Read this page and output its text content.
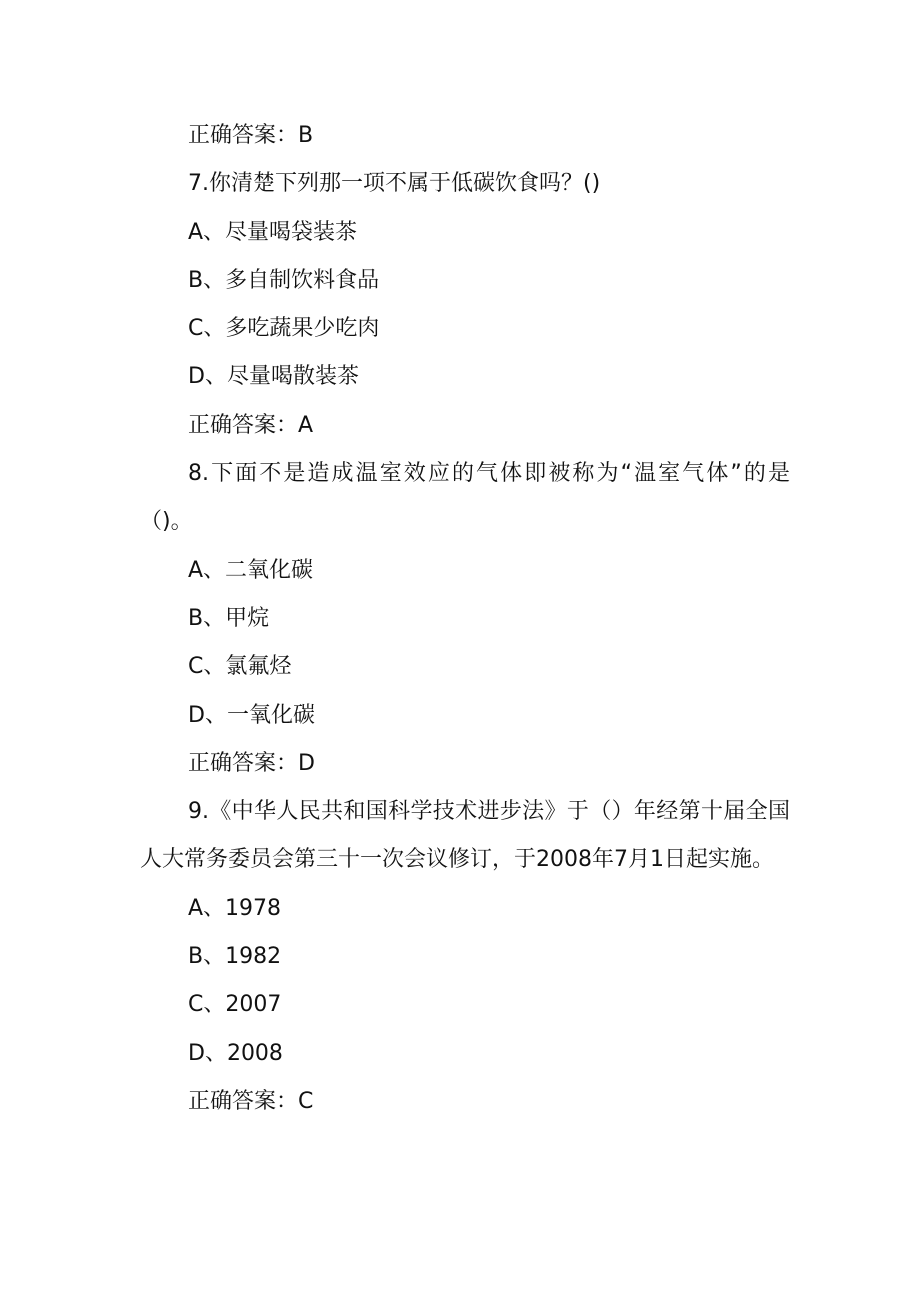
正确答案：B
7.你清楚下列那一项不属于低碳饮食吗？()
A、尽量喝袋装茶
B、多自制饮料食品
C、多吃蔬果少吃肉
D、尽量喝散装茶
正确答案：A
8.下面不是造成温室效应的气体即被称为“温室气体”的是（)。
A、二氧化碳
B、甲烷
C、氯氟烃
D、一氧化碳
正确答案：D
9.《中华人民共和国科学技术进步法》于（）年经第十届全国人大常务委员会第三十一次会议修订，于2008年7月1日起实施。
A、1978
B、1982
C、2007
D、2008
正确答案：C
